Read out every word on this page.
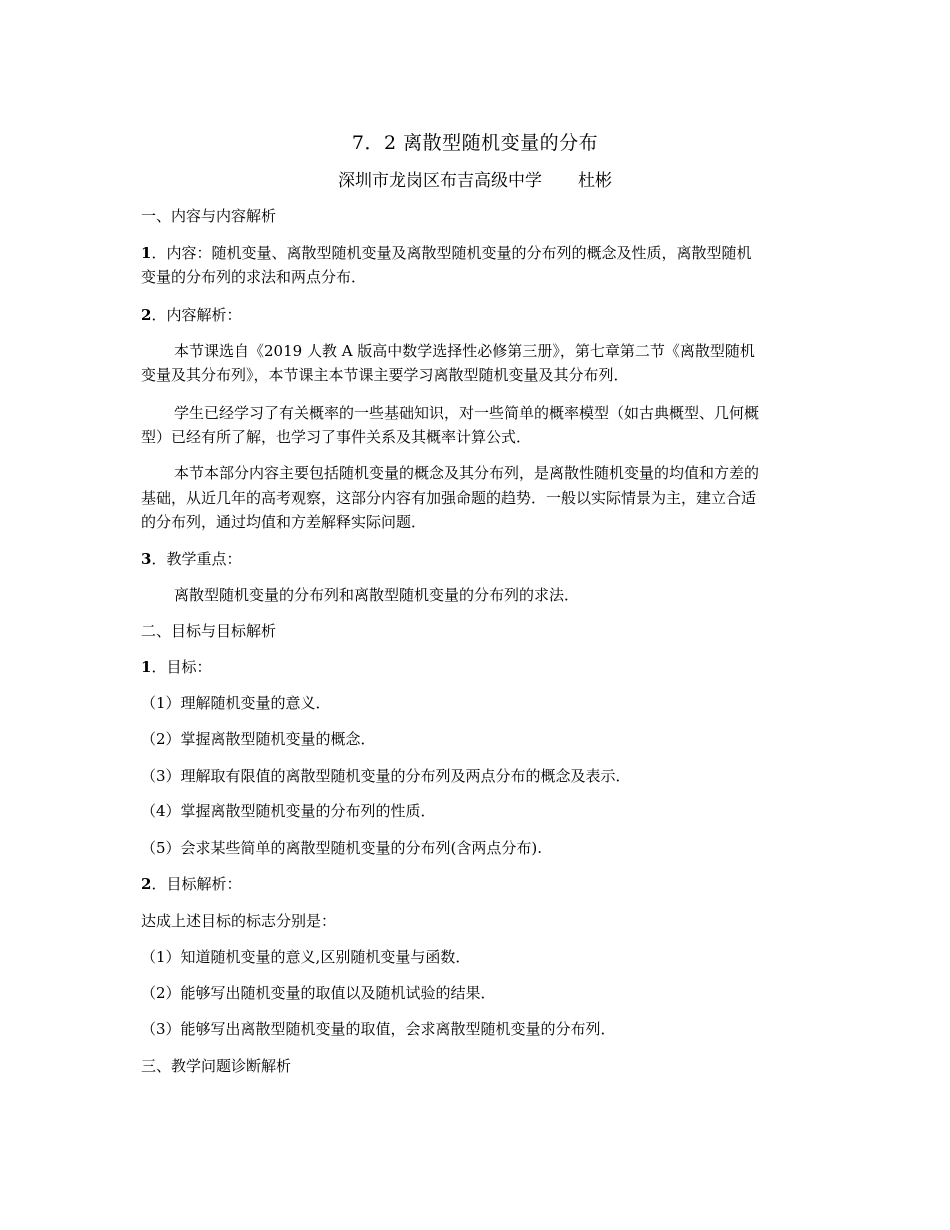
7．2 离散型随机变量的分布
深圳市龙岗区布吉高级中学 杜彬
一、内容与内容解析
1．内容：随机变量、离散型随机变量及离散型随机变量的分布列的概念及性质，离散型随机
变量的分布列的求法和两点分布．
2．内容解析：
本节课选自《2019 人教 A 版高中数学选择性必修第三册》，第七章第二节《离散型随机
变量及其分布列》，本节课主本节课主要学习离散型随机变量及其分布列．
学生已经学习了有关概率的一些基础知识，对一些简单的概率模型（如古典概型、几何概
型）已经有所了解，也学习了事件关系及其概率计算公式．
本节本部分内容主要包括随机变量的概念及其分布列，是离散性随机变量的均值和方差的
基础，从近几年的高考观察，这部分内容有加强命题的趋势．一般以实际情景为主，建立合适
的分布列，通过均值和方差解释实际问题．
3．教学重点：
离散型随机变量的分布列和离散型随机变量的分布列的求法．
二、目标与目标解析
1．目标：
（1）理解随机变量的意义．
（2）掌握离散型随机变量的概念．
（3）理解取有限值的离散型随机变量的分布列及两点分布的概念及表示．
（4）掌握离散型随机变量的分布列的性质．
（5）会求某些简单的离散型随机变量的分布列(含两点分布).
2．目标解析：
达成上述目标的标志分别是：
（1）知道随机变量的意义,区别随机变量与函数．
（2）能够写出随机变量的取值以及随机试验的结果．
（3）能够写出离散型随机变量的取值，会求离散型随机变量的分布列．
三、教学问题诊断解析
